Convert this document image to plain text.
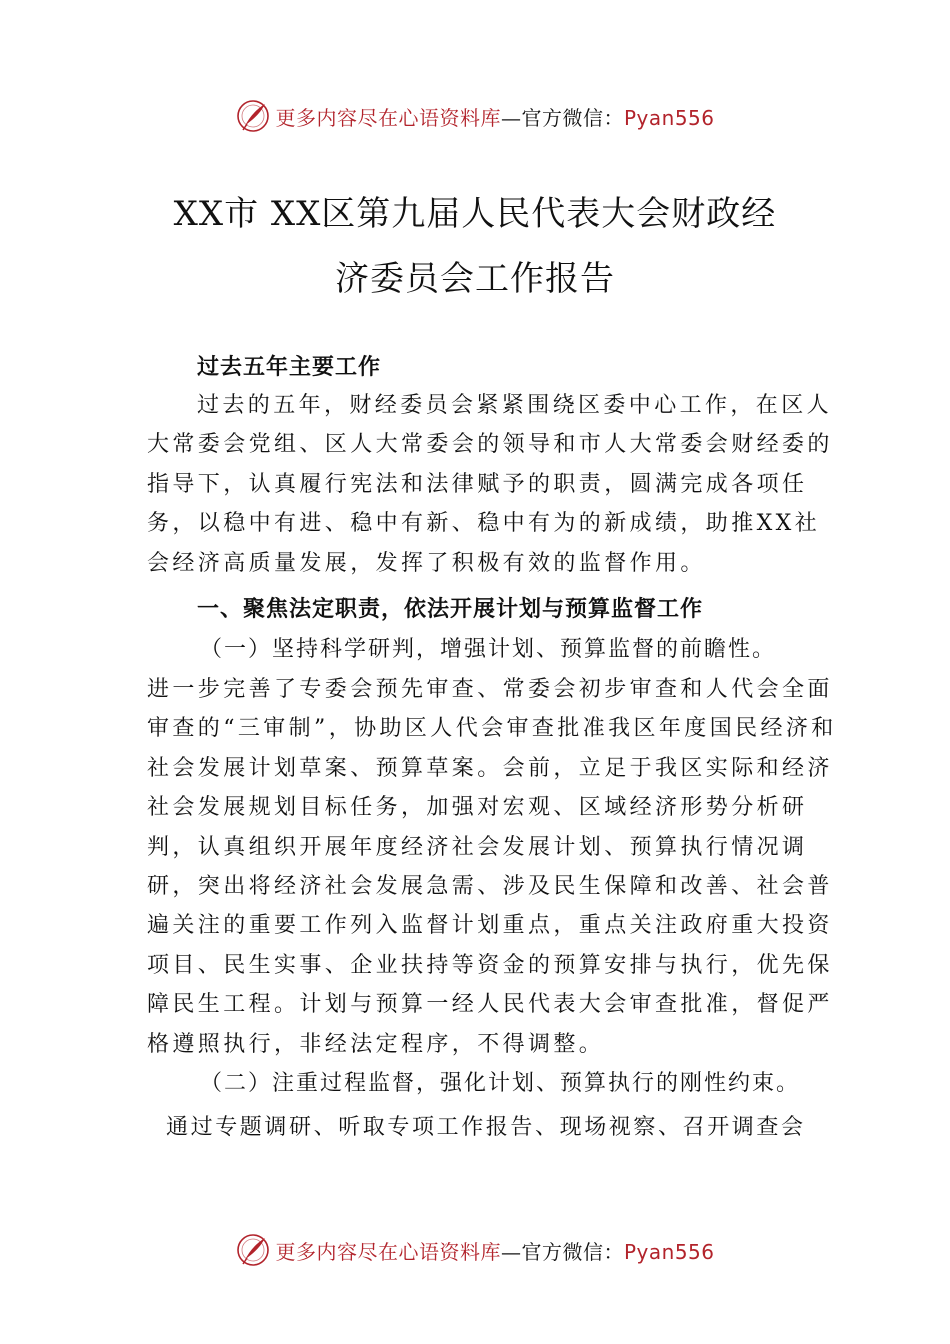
更多内容尽在心语资料库—官方微信：Pyan556
XX市 XX区第九届人民代表大会财政经
济委员会工作报告

过去五年主要工作

过去的五年，财经委员会紧紧围绕区委中心工作，在区人大常委会党组、区人大常委会的领导和市人大常委会财经委的指导下，认真履行宪法和法律赋予的职责，圆满完成各项任务，以稳中有进、稳中有新、稳中有为的新成绩，助推XX社会经济高质量发展，发挥了积极有效的监督作用。

一、聚焦法定职责，依法开展计划与预算监督工作

（一）坚持科学研判，增强计划、预算监督的前瞻性。

进一步完善了专委会预先审查、常委会初步审查和人代会全面审查的“三审制”，协助区人代会审查批准我区年度国民经济和社会发展计划草案、预算草案。会前，立足于我区实际和经济社会发展规划目标任务，加强对宏观、区域经济形势分析研判，认真组织开展年度经济社会发展计划、预算执行情况调研，突出将经济社会发展急需、涉及民生保障和改善、社会普遍关注的重要工作列入监督计划重点，重点关注政府重大投资项目、民生实事、企业扶持等资金的预算安排与执行，优先保障民生工程。计划与预算一经人民代表大会审查批准，督促严格遵照执行，非经法定程序，不得调整。

（二）注重过程监督，强化计划、预算执行的刚性约束。

通过专题调研、听取专项工作报告、现场视察、召开调查会

更多内容尽在心语资料库—官方微信：Pyan556
